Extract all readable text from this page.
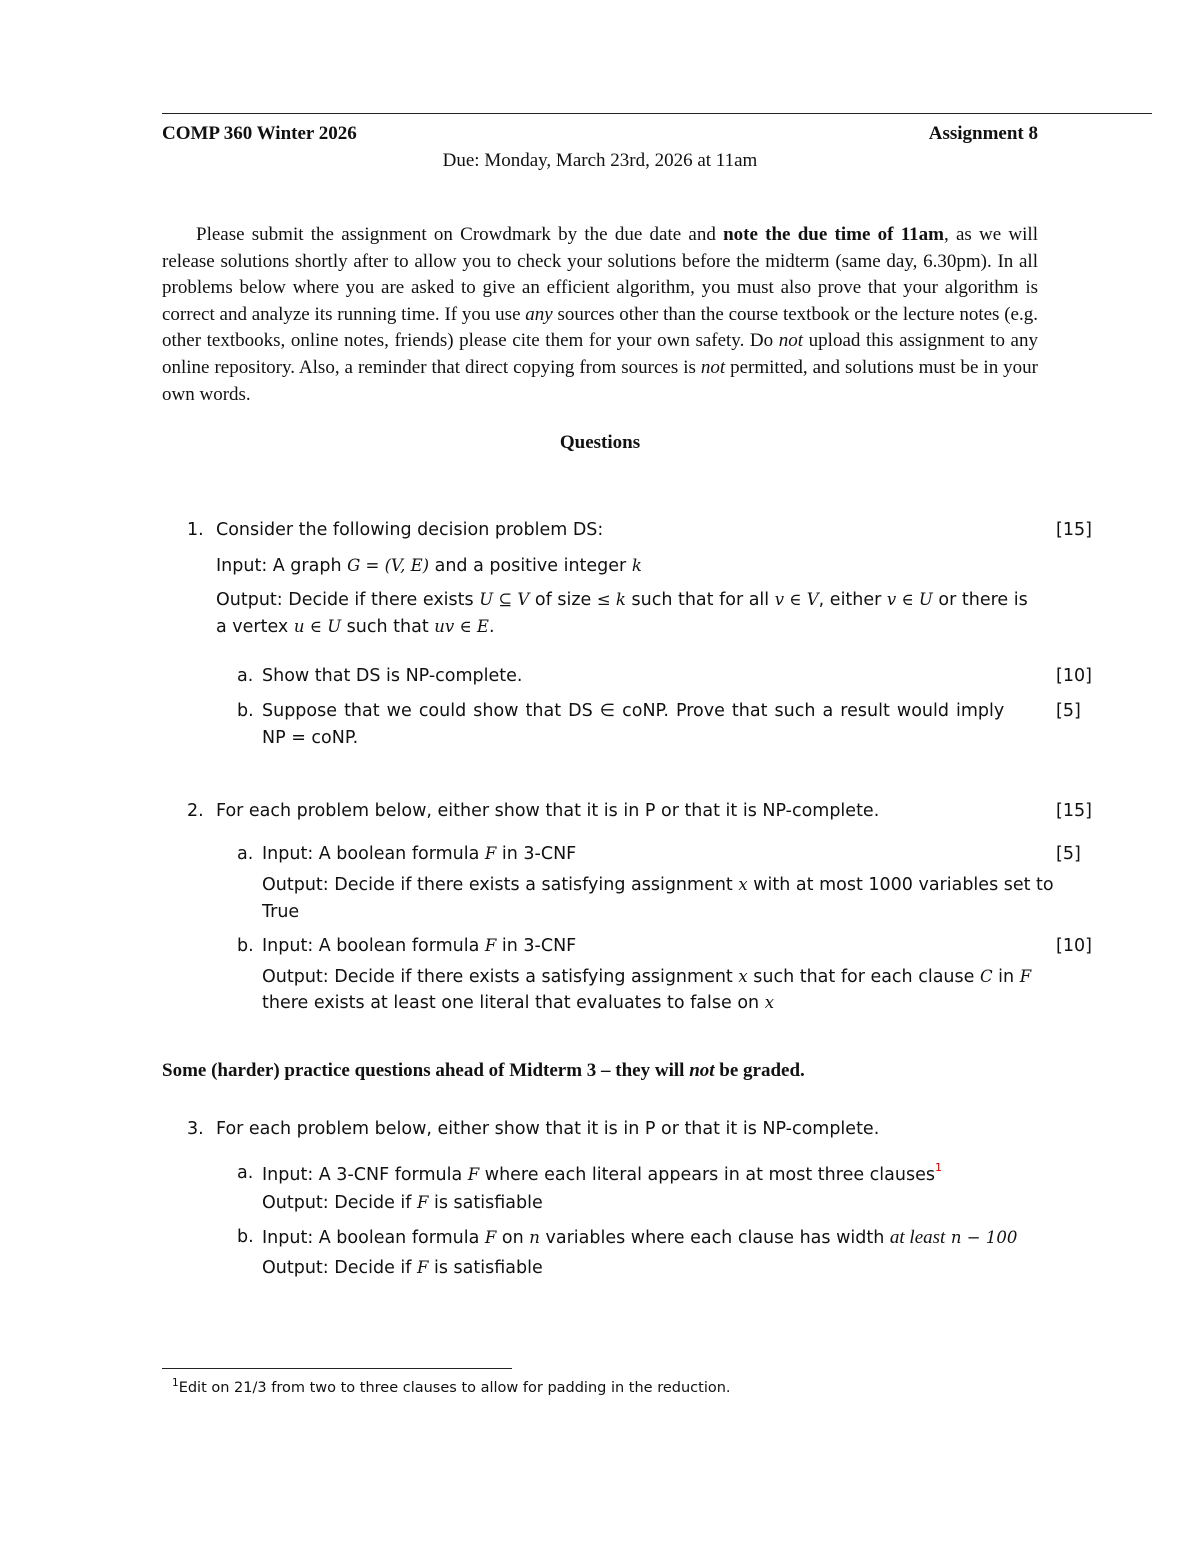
COMP 360 Winter 2026	Assignment 8
Due: Monday, March 23rd, 2026 at 11am

Please submit the assignment on Crowdmark by the due date and note the due time of 11am, as we will release solutions shortly after to allow you to check your solutions before the midterm (same day, 6.30pm). In all problems below where you are asked to give an efficient algorithm, you must also prove that your algorithm is correct and analyze its running time. If you use any sources other than the course textbook or the lecture notes (e.g. other textbooks, online notes, friends) please cite them for your own safety. Do not upload this assignment to any online repository. Also, a reminder that direct copying from sources is not permitted, and solutions must be in your own words.

Questions
1. Consider the following decision problem DS:	[15]
Input: A graph G = (V, E) and a positive integer k
Output: Decide if there exists U ⊆ V of size ≤ k such that for all v ∈ V, either v ∈ U or there is
a vertex u ∈ U such that uv ∈ E.
a. Show that DS is NP-complete.	[10]
b. Suppose that we could show that DS ∈ coNP. Prove that such a result would imply
NP = coNP.
[5]
2. For each problem below, either show that it is in P or that it is NP-complete.	[15]
a. Input: A boolean formula F in 3-CNF	[5]
Output: Decide if there exists a satisfying assignment x with at most 1000 variables set to
True
b. Input: A boolean formula F in 3-CNF	[10]
Output: Decide if there exists a satisfying assignment x such that for each clause C in F
there exists at least one literal that evaluates to false on x
Some (harder) practice questions ahead of Midterm 3 – they will not be graded.
3. For each problem below, either show that it is in P or that it is NP-complete.
a. Input: A 3-CNF formula F where each literal appears in at most three clauses$^1$
Output: Decide if F is satisfiable
b. Input: A boolean formula F on n variables where each clause has width at least n − 100
Output: Decide if F is satisfiable
$^1$Edit on 21/3 from two to three clauses to allow for padding in the reduction.
